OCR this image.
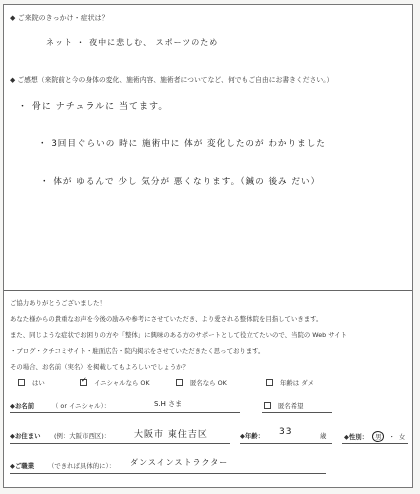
◆ ご来院のきっかけ・症状は？
ネット ・ 夜中に悲しむ、 スポーツのため
◆ ご感想（来院前と今の身体の変化、施術内容、施術者についてなど、何でもご自由にお書きください。）
・ 骨に ナチュラルに 当てます。
・ 3回目ぐらいの 時に 施術中に 体が 変化したのが わかりました
・ 体が ゆるんで 少し 気分が 悪くなります。（鍼の 後み だい）
ご協力ありがとうございました！
あなた様からの貴重なお声を今後の励みや参考にさせていただき、より愛される整体院を目指していきます。
また、同じような症状でお困りの方や「整体」に興味のある方のサポートとして役立てたいので、当院の Web サイト
・ブログ・クチコミサイト・駐面広告・院内掲示をさせていただきたく思っております。
その場合、お名前（実名）を掲載してもよろしいでしょうか？
はい	✓ イニシャルなら OK	匿名なら OK	年齢は ダメ
◆お名前	（ or イニシャル）：	S.H さま	匿名希望
◆お住まい (例：大阪市西区)：	大阪市 東住吉区	◆年齢： 33	歳	◆性別：	男	・ 女
◆ご職業 （できれば具体的に）： ダンスインストラクター
